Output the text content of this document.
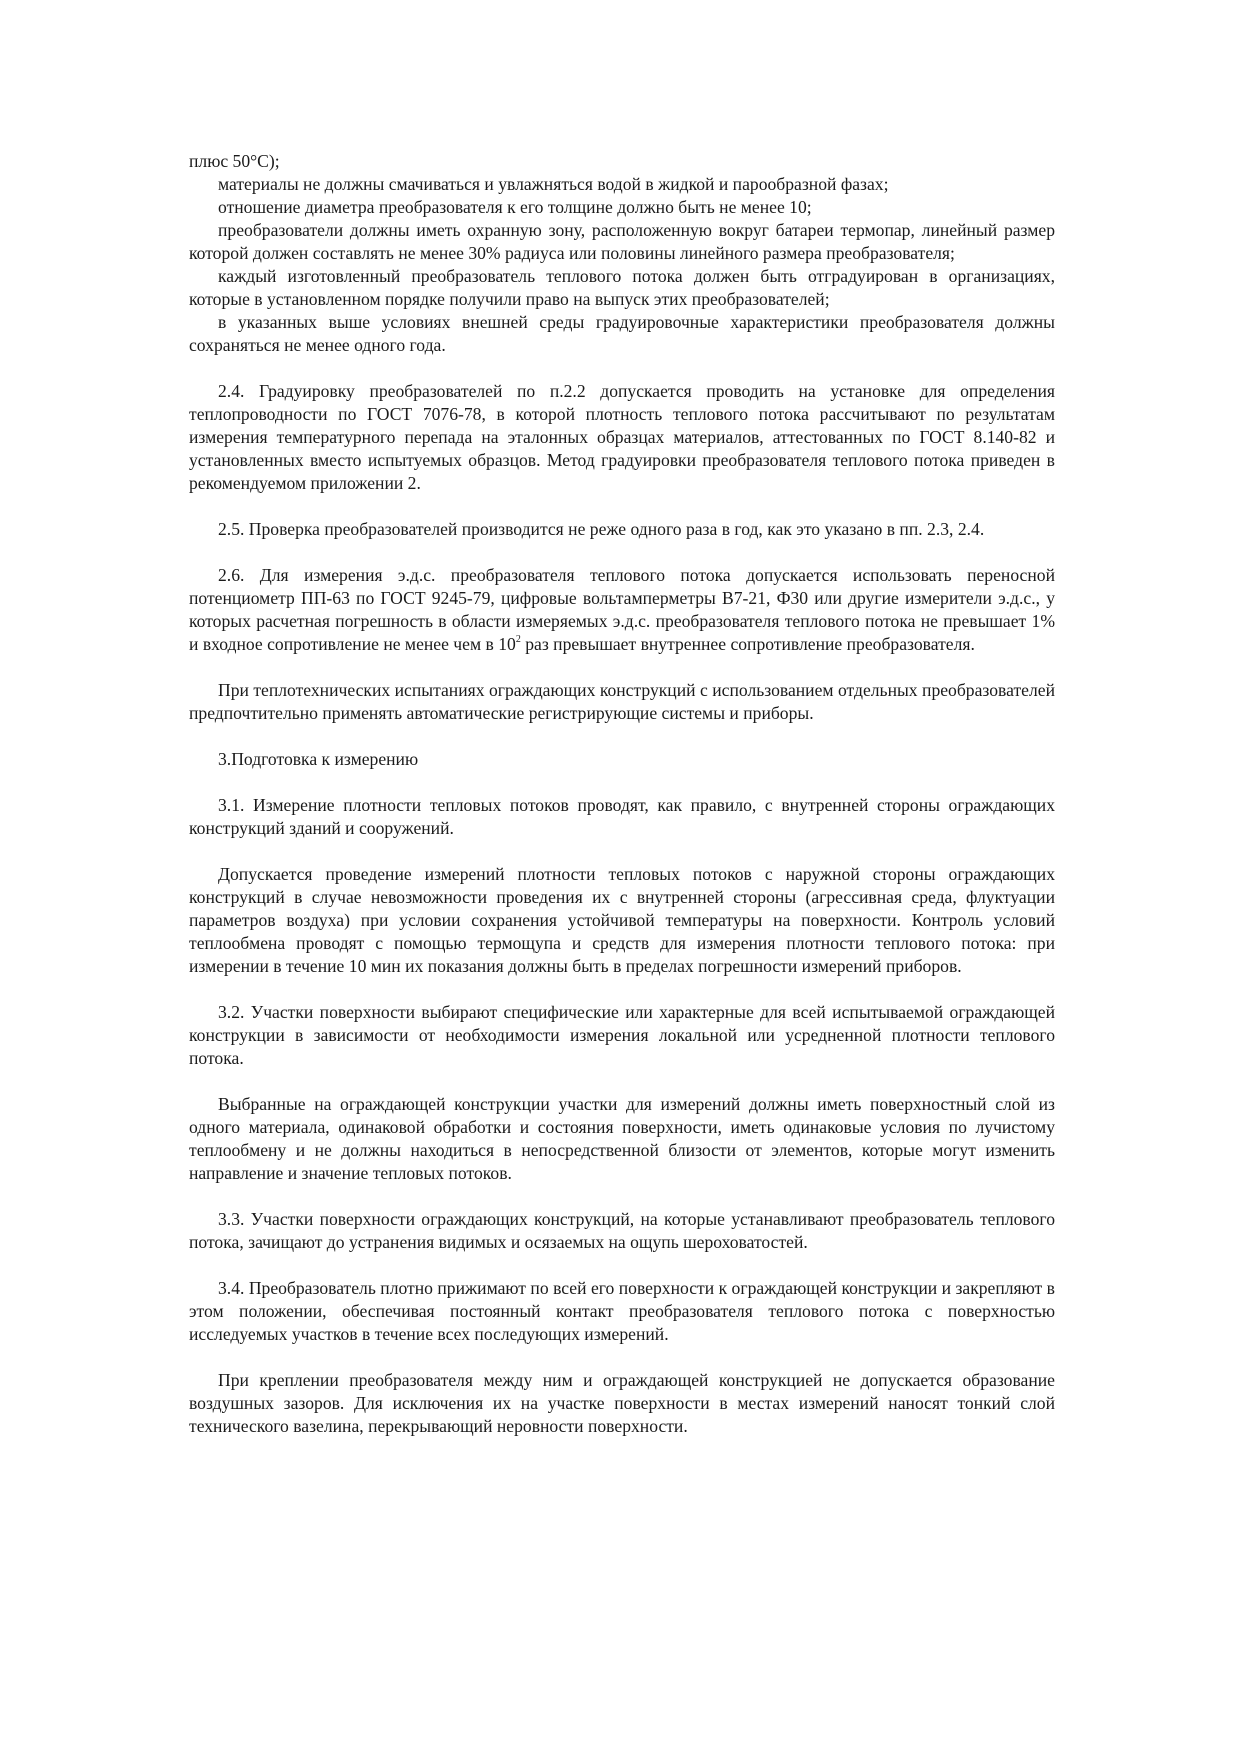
плюс 50°С);

материалы не должны смачиваться и увлажняться водой в жидкой и парообразной фазах;

отношение диаметра преобразователя к его толщине должно быть не менее 10;

преобразователи должны иметь охранную зону, расположенную вокруг батареи термопар, линейный размер которой должен составлять не менее 30% радиуса или половины линейного размера преобразователя;

каждый изготовленный преобразователь теплового потока должен быть отградуирован в организациях, которые в установленном порядке получили право на выпуск этих преобразователей;

в указанных выше условиях внешней среды градуировочные характеристики преобразователя должны сохраняться не менее одного года.

2.4. Градуировку преобразователей по п.2.2 допускается проводить на установке для определения теплопроводности по ГОСТ 7076-78, в которой плотность теплового потока рассчитывают по результатам измерения температурного перепада на эталонных образцах материалов, аттестованных по ГОСТ 8.140-82 и установленных вместо испытуемых образцов. Метод градуировки преобразователя теплового потока приведен в рекомендуемом приложении 2.

2.5. Проверка преобразователей производится не реже одного раза в год, как это указано в пп. 2.3, 2.4.

2.6. Для измерения э.д.с. преобразователя теплового потока допускается использовать переносной потенциометр ПП-63 по ГОСТ 9245-79, цифровые вольтамперметры В7-21, Ф30 или другие измерители э.д.с., у которых расчетная погрешность в области измеряемых э.д.с. преобразователя теплового потока не превышает 1% и входное сопротивление не менее чем в $10^2$ раз превышает внутреннее сопротивление преобразователя.

При теплотехнических испытаниях ограждающих конструкций с использованием отдельных преобразователей предпочтительно применять автоматические регистрирующие системы и приборы.

3.Подготовка к измерению

3.1. Измерение плотности тепловых потоков проводят, как правило, с внутренней стороны ограждающих конструкций зданий и сооружений.

Допускается проведение измерений плотности тепловых потоков с наружной стороны ограждающих конструкций в случае невозможности проведения их с внутренней стороны (агрессивная среда, флуктуации параметров воздуха) при условии сохранения устойчивой температуры на поверхности. Контроль условий теплообмена проводят с помощью термощупа и средств для измерения плотности теплового потока: при измерении в течение 10 мин их показания должны быть в пределах погрешности измерений приборов.

3.2. Участки поверхности выбирают специфические или характерные для всей испытываемой ограждающей конструкции в зависимости от необходимости измерения локальной или усредненной плотности теплового потока.

Выбранные на ограждающей конструкции участки для измерений должны иметь поверхностный слой из одного материала, одинаковой обработки и состояния поверхности, иметь одинаковые условия по лучистому теплообмену и не должны находиться в непосредственной близости от элементов, которые могут изменить направление и значение тепловых потоков.

3.3. Участки поверхности ограждающих конструкций, на которые устанавливают преобразователь теплового потока, зачищают до устранения видимых и осязаемых на ощупь шероховатостей.

3.4. Преобразователь плотно прижимают по всей его поверхности к ограждающей конструкции и закрепляют в этом положении, обеспечивая постоянный контакт преобразователя теплового потока с поверхностью исследуемых участков в течение всех последующих измерений.

При креплении преобразователя между ним и ограждающей конструкцией не допускается образование воздушных зазоров. Для исключения их на участке поверхности в местах измерений наносят тонкий слой технического вазелина, перекрывающий неровности поверхности.
